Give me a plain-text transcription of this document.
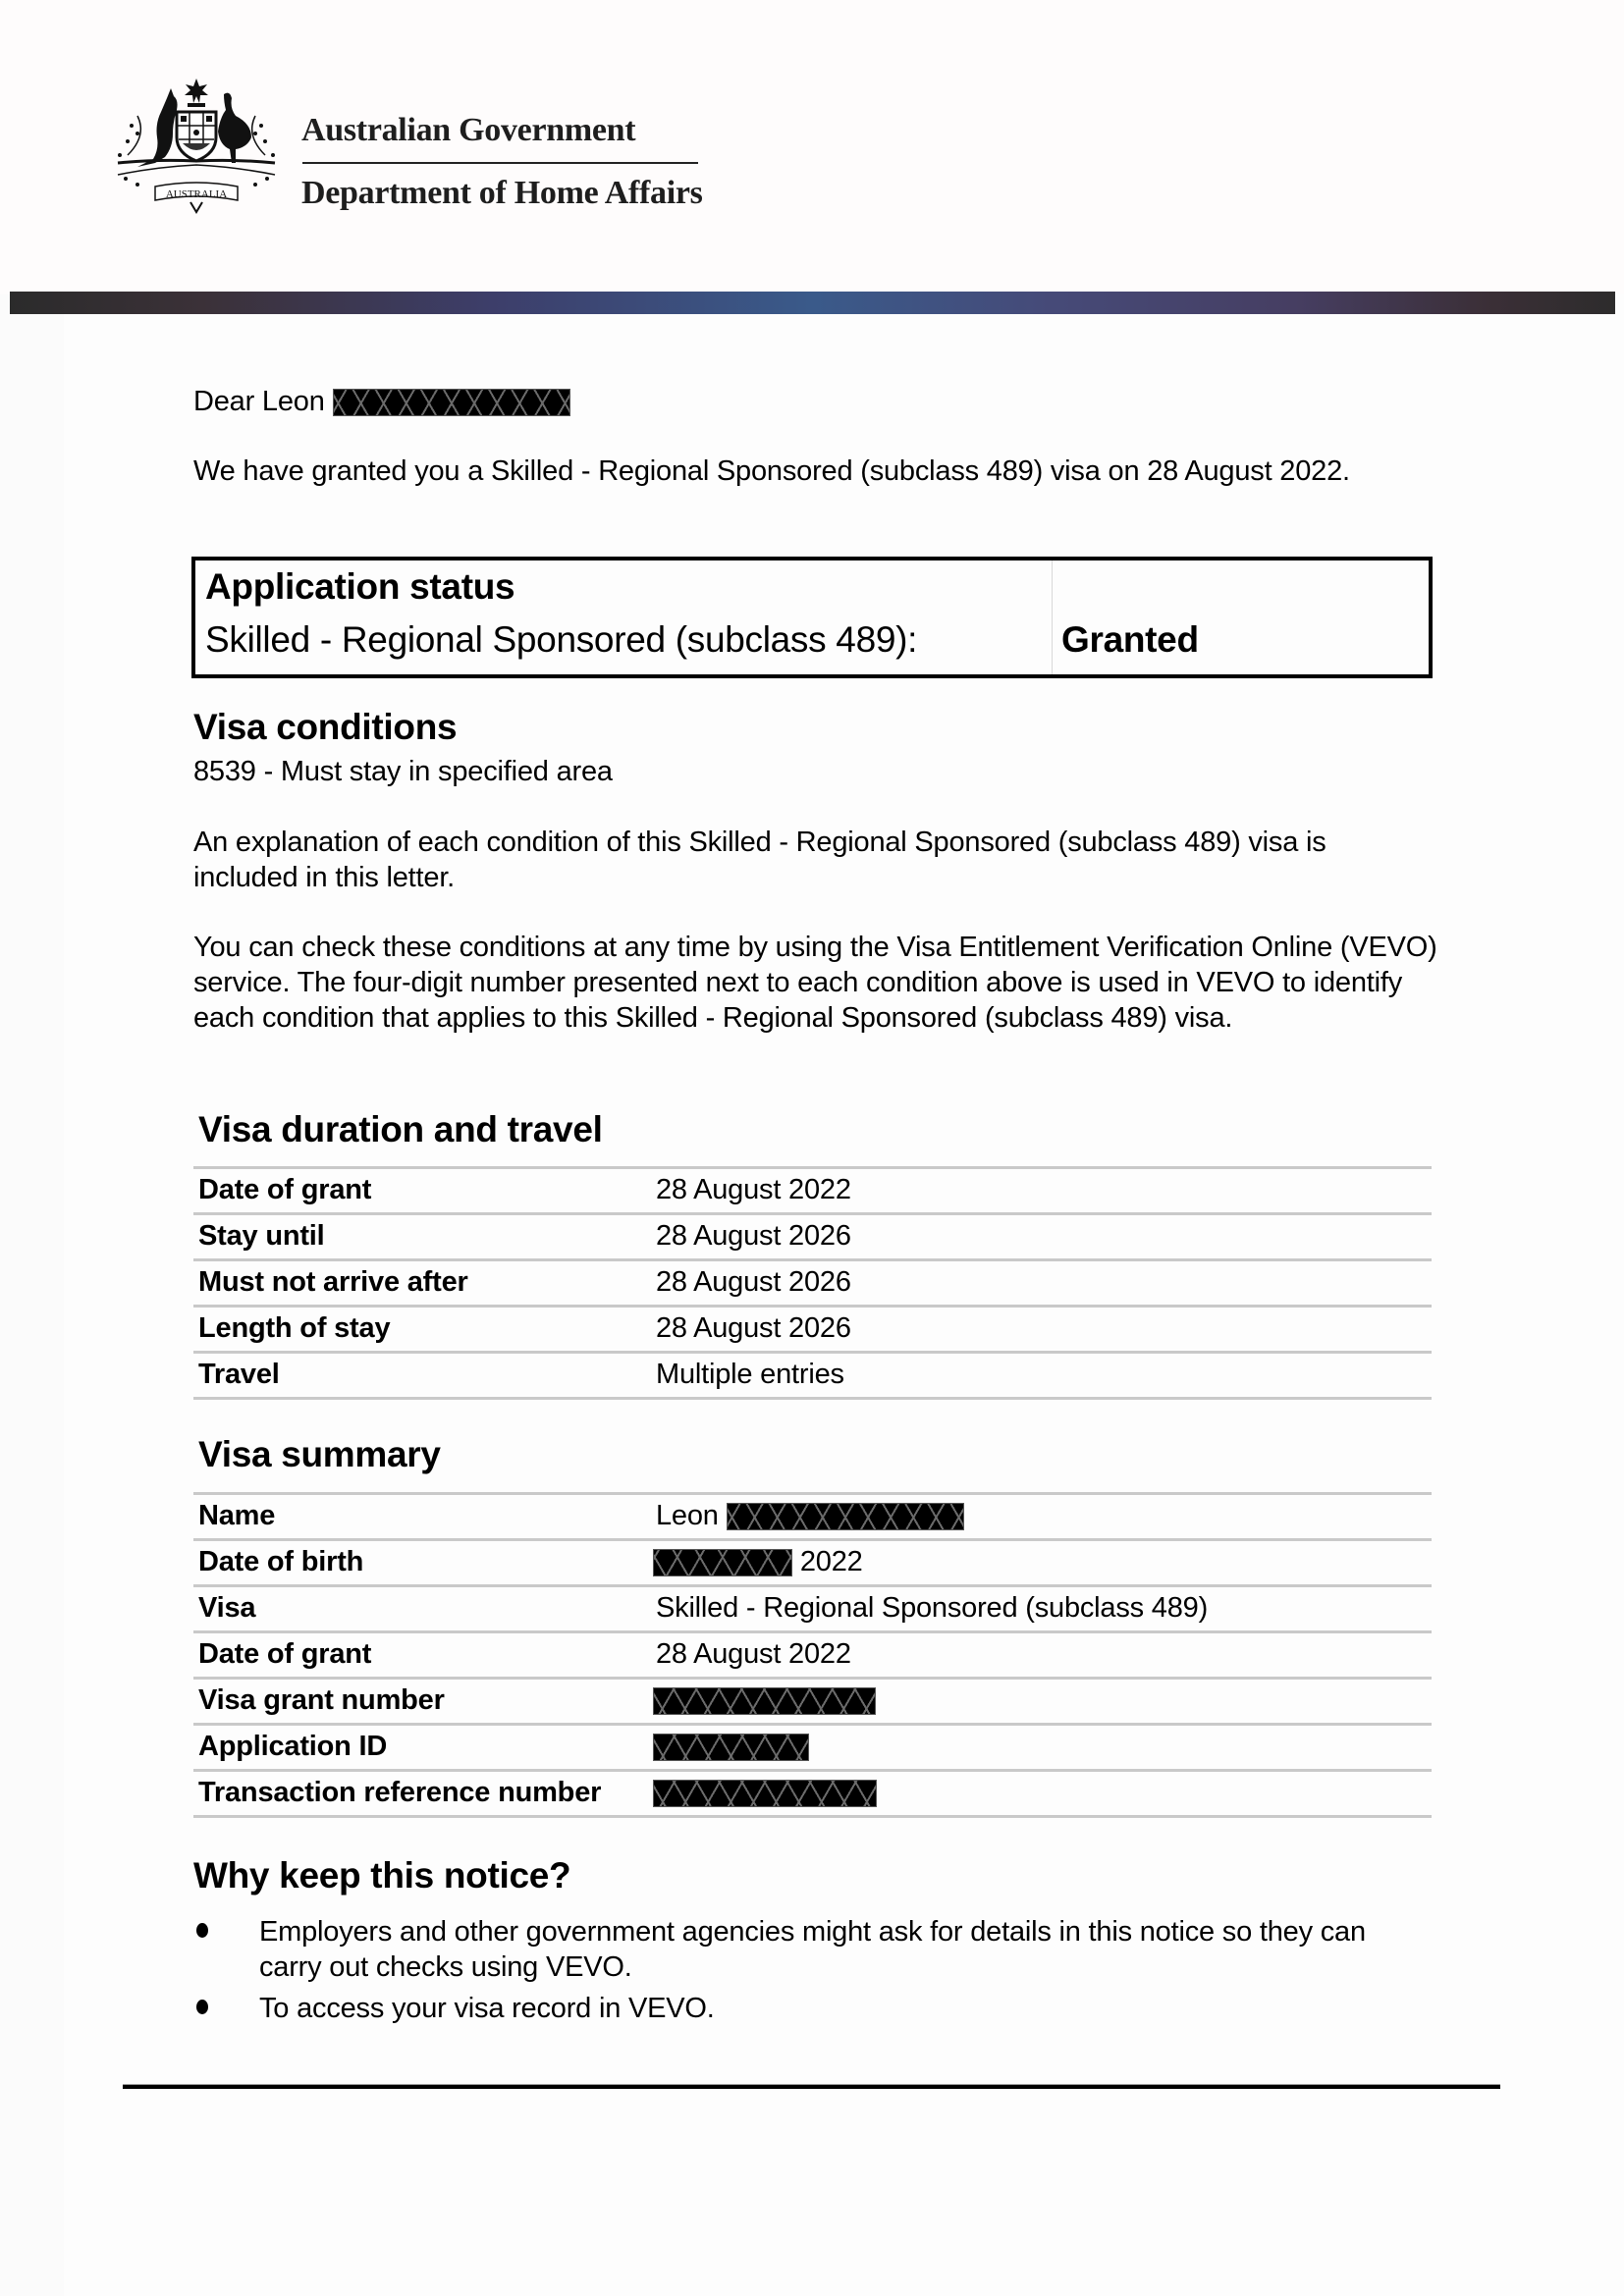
AUSTRALIA
Australian Government
Department of Home Affairs
Dear Leon
We have granted you a Skilled - Regional Sponsored (subclass 489) visa on 28 August 2022.
Application status
Skilled - Regional Sponsored (subclass 489):	Granted
Visa conditions
8539 - Must stay in specified area
An explanation of each condition of this Skilled - Regional Sponsored (subclass 489) visa is included in this letter.
You can check these conditions at any time by using the Visa Entitlement Verification Online (VEVO) service. The four-digit number presented next to each condition above is used in VEVO to identify each condition that applies to this Skilled - Regional Sponsored (subclass 489) visa.
Visa duration and travel
Date of grant	28 August 2022
Stay until	28 August 2026
Must not arrive after	28 August 2026
Length of stay	28 August 2026
Travel	Multiple entries
Visa summary
Name	Leon
Date of birth	2022
Visa	Skilled - Regional Sponsored (subclass 489)
Date of grant	28 August 2022
Visa grant number
Application ID
Transaction reference number
Why keep this notice?
Employers and other government agencies might ask for details in this notice so they can carry out checks using VEVO.
To access your visa record in VEVO.
